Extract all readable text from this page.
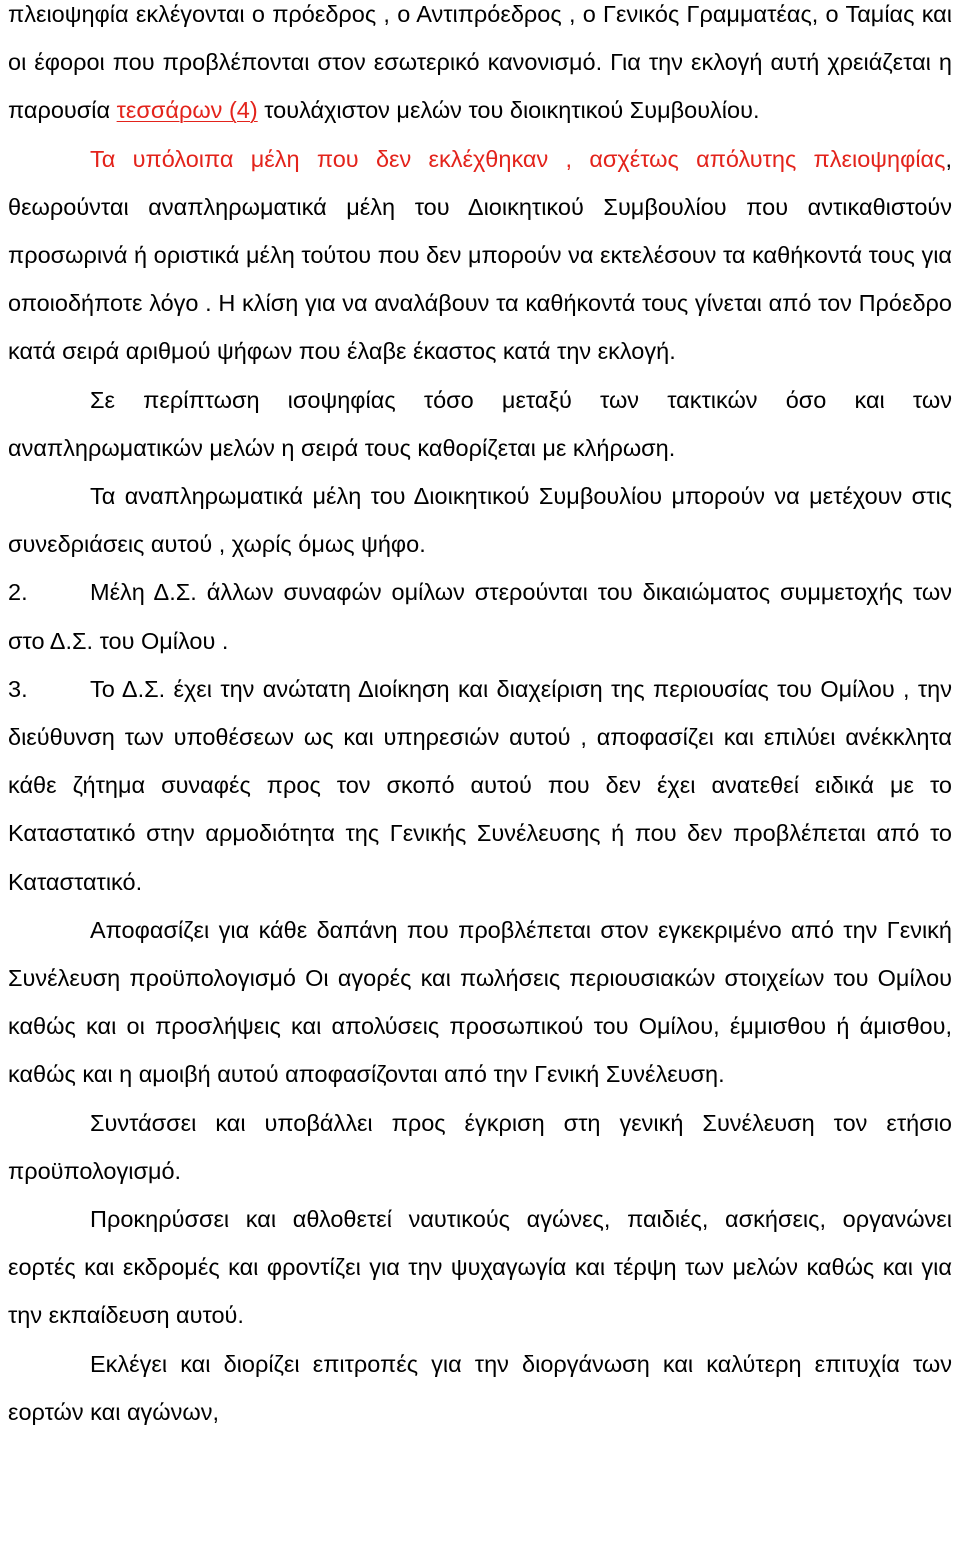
πλειοψηφία εκλέγονται ο πρόεδρος , ο Αντιπρόεδρος , ο Γενικός Γραμματέας, ο Ταμίας και οι έφοροι που προβλέπονται στον εσωτερικό κανονισμό. Για την εκλογή αυτή χρειάζεται η παρουσία τεσσάρων (4) τουλάχιστον μελών του διοικητικού Συμβουλίου.

Τα υπόλοιπα μέλη που δεν εκλέχθηκαν , ασχέτως απόλυτης πλειοψηφίας, θεωρούνται αναπληρωματικά μέλη του Διοικητικού Συμβουλίου που αντικαθιστούν προσωρινά ή οριστικά μέλη τούτου που δεν μπορούν να εκτελέσουν τα καθήκοντά τους για οποιοδήποτε λόγο . Η κλίση για να αναλάβουν τα καθήκοντά τους γίνεται από τον Πρόεδρο κατά σειρά αριθμού ψήφων που έλαβε έκαστος κατά την εκλογή.

Σε περίπτωση ισοψηφίας τόσο μεταξύ των τακτικών όσο και των αναπληρωματικών μελών η σειρά τους καθορίζεται με κλήρωση.

Τα αναπληρωματικά μέλη του Διοικητικού Συμβουλίου μπορούν να μετέχουν στις συνεδριάσεις αυτού , χωρίς όμως ψήφο.

2.	Μέλη Δ.Σ. άλλων συναφών ομίλων στερούνται του δικαιώματος συμμετοχής των στο Δ.Σ. του Ομίλου .

3.	Το Δ.Σ. έχει την ανώτατη Διοίκηση και διαχείριση της περιουσίας του Ομίλου , την διεύθυνση των υποθέσεων ως και υπηρεσιών αυτού , αποφασίζει και επιλύει ανέκκλητα κάθε ζήτημα συναφές προς τον σκοπό αυτού που δεν έχει ανατεθεί ειδικά με το Καταστατικό στην αρμοδιότητα της Γενικής Συνέλευσης ή που δεν προβλέπεται από το Καταστατικό.

Αποφασίζει για κάθε δαπάνη που προβλέπεται στον εγκεκριμένο από την Γενική Συνέλευση προϋπολογισμό Οι αγορές και πωλήσεις περιουσιακών στοιχείων του Ομίλου καθώς και οι προσλήψεις και απολύσεις προσωπικού του Ομίλου, έμμισθου ή άμισθου, καθώς και η αμοιβή αυτού αποφασίζονται από την Γενική Συνέλευση.

Συντάσσει και υποβάλλει προς έγκριση στη γενική Συνέλευση τον ετήσιο προϋπολογισμό.

Προκηρύσσει και αθλοθετεί ναυτικούς αγώνες, παιδιές, ασκήσεις, οργανώνει εορτές και εκδρομές και φροντίζει για την ψυχαγωγία και τέρψη των μελών καθώς και για την εκπαίδευση αυτού.

Εκλέγει και διορίζει επιτροπές για την διοργάνωση και καλύτερη επιτυχία των εορτών και αγώνων,
